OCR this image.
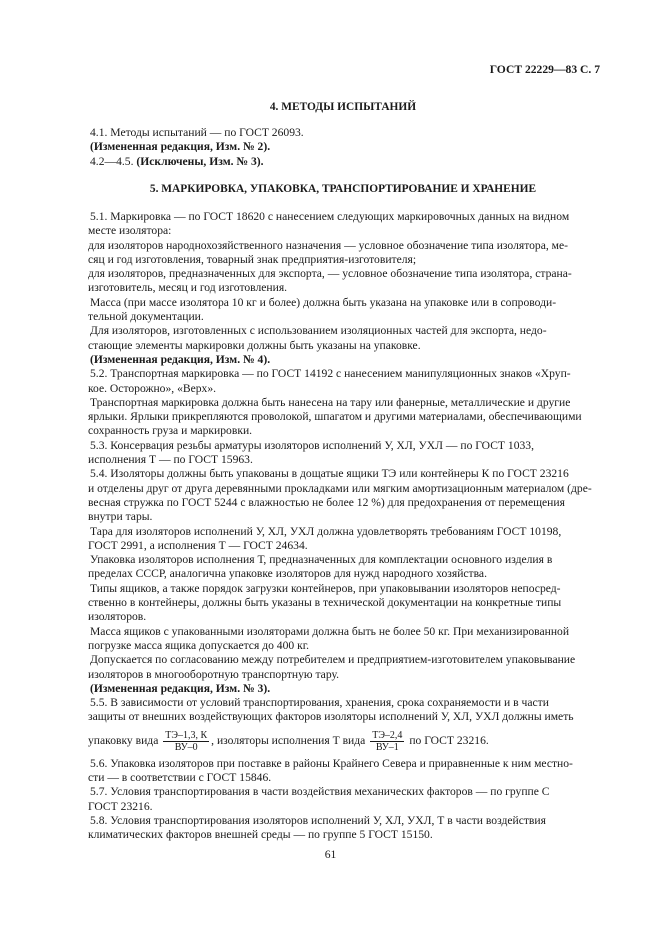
ГОСТ 22229—83 С. 7
4. МЕТОДЫ ИСПЫТАНИЙ
4.1. Методы испытаний — по ГОСТ 26093.
(Измененная редакция, Изм. № 2).
4.2—4.5. (Исключены, Изм. № 3).
5. МАРКИРОВКА, УПАКОВКА, ТРАНСПОРТИРОВАНИЕ И ХРАНЕНИЕ
5.1. Маркировка — по ГОСТ 18620 с нанесением следующих маркировочных данных на видном
месте изолятора:
для изоляторов народнохозяйственного назначения — условное обозначение типа изолятора, ме-
сяц и год изготовления, товарный знак предприятия-изготовителя;
для изоляторов, предназначенных для экспорта, — условное обозначение типа изолятора, страна-
изготовитель, месяц и год изготовления.
Масса (при массе изолятора 10 кг и более) должна быть указана на упаковке или в сопроводи-
тельной документации.
Для изоляторов, изготовленных с использованием изоляционных частей для экспорта, недо-
стающие элементы маркировки должны быть указаны на упаковке.
(Измененная редакция, Изм. № 4).
5.2. Транспортная маркировка — по ГОСТ 14192 с нанесением манипуляционных знаков «Хруп-
кое. Осторожно», «Верх».
Транспортная маркировка должна быть нанесена на тару или фанерные, металлические и другие
ярлыки. Ярлыки прикрепляются проволокой, шпагатом и другими материалами, обеспечивающими
сохранность груза и маркировки.
5.3. Консервация резьбы арматуры изоляторов исполнений У, ХЛ, УХЛ — по ГОСТ 1033,
исполнения Т — по ГОСТ 15963.
5.4. Изоляторы должны быть упакованы в дощатые ящики ТЭ или контейнеры К по ГОСТ 23216
и отделены друг от друга деревянными прокладками или мягким амортизационным материалом (дре-
весная стружка по ГОСТ 5244 с влажностью не более 12 %) для предохранения от перемещения
внутри тары.
Тара для изоляторов исполнений У, ХЛ, УХЛ должна удовлетворять требованиям ГОСТ 10198,
ГОСТ 2991, а исполнения Т — ГОСТ 24634.
Упаковка изоляторов исполнения Т, предназначенных для комплектации основного изделия в
пределах СССР, аналогична упаковке изоляторов для нужд народного хозяйства.
Типы ящиков, а также порядок загрузки контейнеров, при упаковывании изоляторов непосред-
ственно в контейнеры, должны быть указаны в технической документации на конкретные типы
изоляторов.
Масса ящиков с упакованными изоляторами должна быть не более 50 кг. При механизированной
погрузке масса ящика допускается до 400 кг.
Допускается по согласованию между потребителем и предприятием-изготовителем упаковывание
изоляторов в многооборотную транспортную тару.
(Измененная редакция, Изм. № 3).
5.5. В зависимости от условий транспортирования, хранения, срока сохраняемости и в части
защиты от внешних воздействующих факторов изоляторы исполнений У, ХЛ, УХЛ должны иметь
упаковку вида $\frac{ТЭ-1,3, К}{ВУ-0}$ , изоляторы исполнения Т вида $\frac{ТЭ-2,4}{ВУ-1}$ по ГОСТ 23216.
5.6. Упаковка изоляторов при поставке в районы Крайнего Севера и приравненные к ним местно-
сти — в соответствии с ГОСТ 15846.
5.7. Условия транспортирования в части воздействия механических факторов — по группе С
ГОСТ 23216.
5.8. Условия транспортирования изоляторов исполнений У, ХЛ, УХЛ, Т в части воздействия
климатических факторов внешней среды — по группе 5 ГОСТ 15150.
61
